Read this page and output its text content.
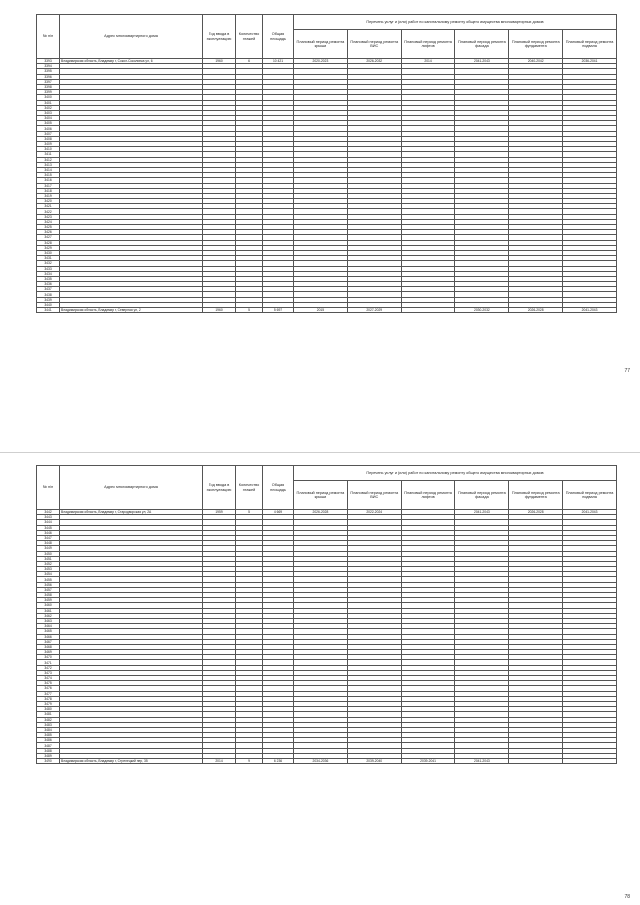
№ п/п	Адрес многоквартирного дома	Год ввода в эксплуатацию	Количество этажей	Общая площадь	Перечень услуг и (или) работ по капитальному ремонту общего имущества многоквартирных домов					
					Плановый период ремонта крыши	Плановый период ремонта ВИС	Плановый период ремонта лифтов	Плановый период ремонта фасада	Плановый период ремонта фундамента	Плановый период ремонта подвала
3393	Владимирская область, Владимир г, Сокол-Соколинка ул, 6	1960	6	10 421	2020-2023	2026-2032	2014	2041-2043	2040-2042	2036-2041
3394										
3395										
3396										
3397										
3398										
3399										
3400										
3401										
3402										
3403										
3404										
3405										
3406										
3407										
3408										
3409										
3410										
3411										
3412										
3413										
3414										
3415										
3416										
3417										
3418										
3419										
3420										
3421										
3422										
3423										
3424										
3425										
3426										
3427										
3428										
3429										
3430										
3431										
3432										
3433										
3434										
3435										
3436										
3437										
3438										
3439										
3440										
3441	Владимирская область, Владимир г, Северная ул, 2	1960	5	5 697	2015	2027-2029		2030-2032	2026-2028	2041-2043
77
№ п/п	Адрес многоквартирного дома	Год ввода в эксплуатацию	Количество этажей	Общая площадь	Перечень услуг и (или) работ по капитальному ремонту общего имущества многоквартирных домов					
					Плановый период ремонта крыши	Плановый период ремонта ВИС	Плановый период ремонта лифтов	Плановый период ремонта фасада	Плановый период ремонта фундамента	Плановый период ремонта подвала
3442	Владимирская область, Владимир г, Стародворская ул, 2А	1959	5	4 669	2026-2028	2022-2024		2041-2043	2026-2028	2041-2043
3443										
3444										
3445										
3446										
3447										
3448										
3449										
3450										
3451										
3452										
3453										
3454										
3455										
3456										
3457										
3458										
3459										
3460										
3461										
3462										
3463										
3464										
3465										
3466										
3467										
3468										
3469										
3470										
3471										
3472										
3473										
3474										
3475										
3476										
3477										
3478										
3479										
3480										
3481										
3482										
3483										
3484										
3485										
3486										
3487										
3488										
3489										
3490	Владимирская область, Владимир г, Стрелецкий пер, 35	2014	9	6 236	2034-2036	2039-2040	2039-2041	2041-2043		
78
